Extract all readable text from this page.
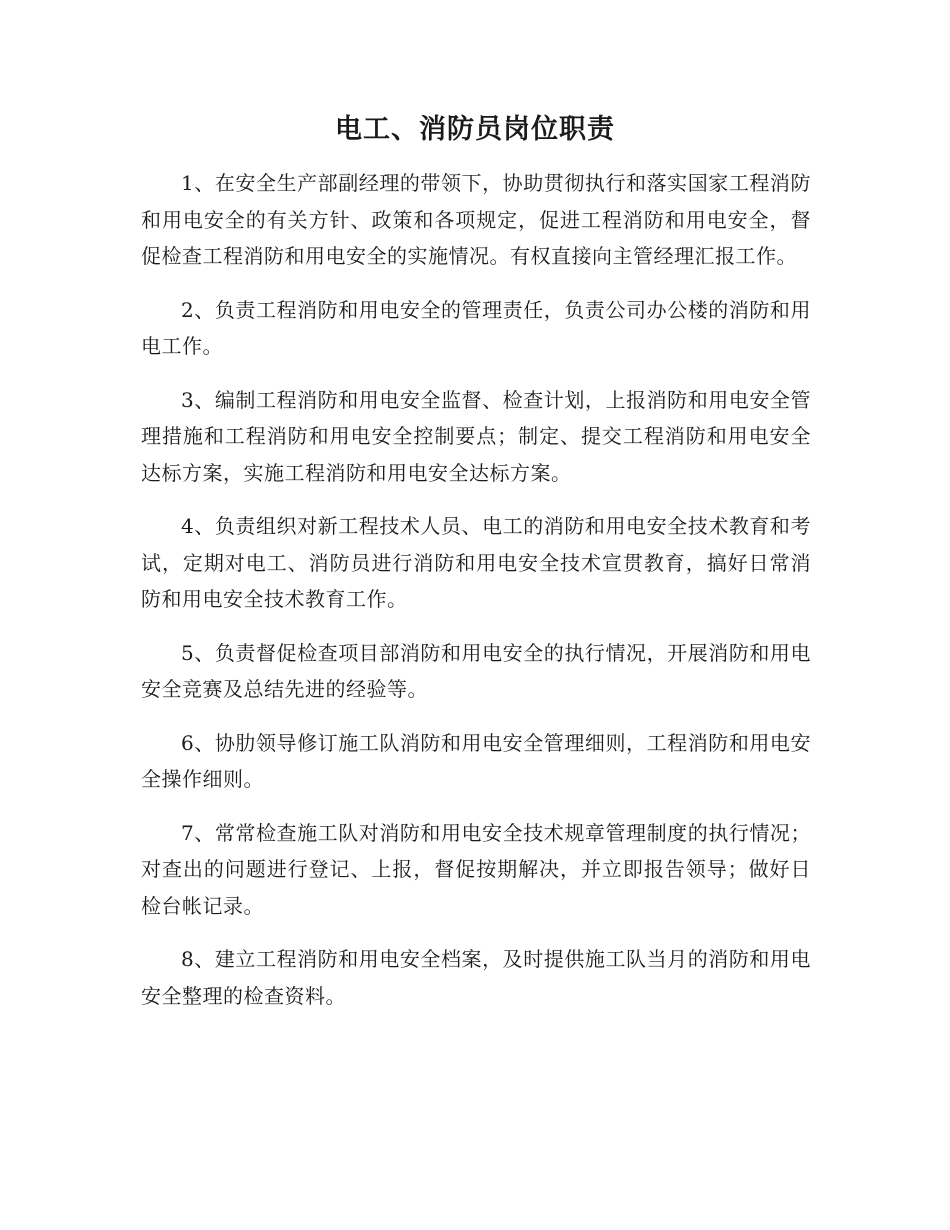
电工、消防员岗位职责

1、在安全生产部副经理的带领下，协助贯彻执行和落实国家工程消防和用电安全的有关方针、政策和各项规定，促进工程消防和用电安全，督促检查工程消防和用电安全的实施情况。有权直接向主管经理汇报工作。

2、负责工程消防和用电安全的管理责任，负责公司办公楼的消防和用电工作。

3、编制工程消防和用电安全监督、检查计划，上报消防和用电安全管理措施和工程消防和用电安全控制要点；制定、提交工程消防和用电安全达标方案，实施工程消防和用电安全达标方案。

4、负责组织对新工程技术人员、电工的消防和用电安全技术教育和考试，定期对电工、消防员进行消防和用电安全技术宣贯教育，搞好日常消防和用电安全技术教育工作。

5、负责督促检查项目部消防和用电安全的执行情况，开展消防和用电安全竞赛及总结先进的经验等。

6、协肋领导修订施工队消防和用电安全管理细则，工程消防和用电安全操作细则。

7、常常检查施工队对消防和用电安全技术规章管理制度的执行情况；对查出的问题进行登记、上报，督促按期解决，并立即报告领导；做好日检台帐记录。

8、建立工程消防和用电安全档案，及时提供施工队当月的消防和用电安全整理的检查资料。
